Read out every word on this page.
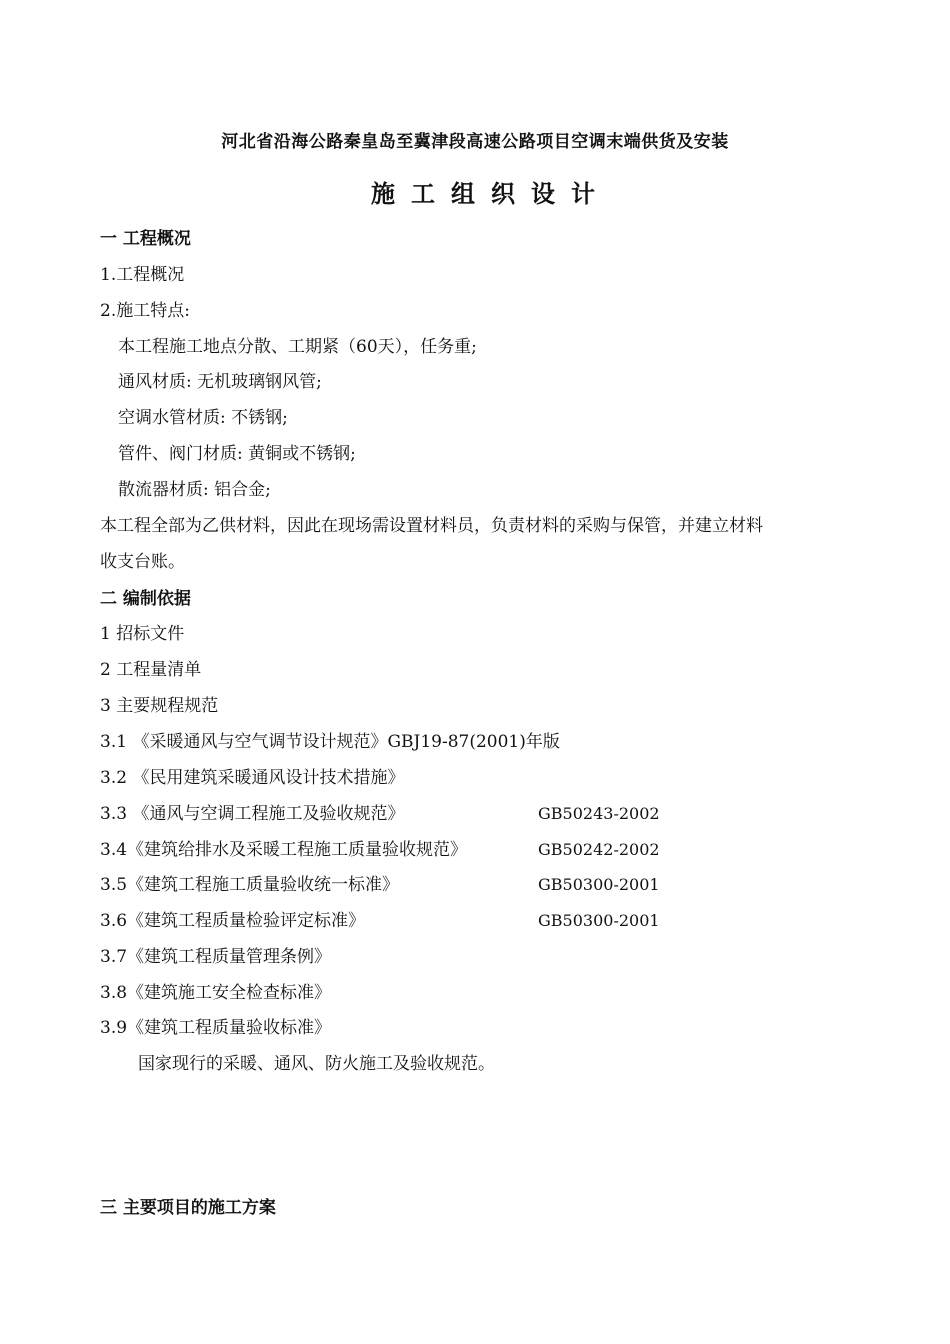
河北省沿海公路秦皇岛至冀津段高速公路项目空调末端供货及安装
施工组织设计
一 工程概况
1.工程概况
2.施工特点:
本工程施工地点分散、工期紧（60天），任务重;
通风材质: 无机玻璃钢风管;
空调水管材质: 不锈钢;
管件、阀门材质: 黄铜或不锈钢;
散流器材质: 铝合金;
本工程全部为乙供材料，因此在现场需设置材料员，负责材料的采购与保管，并建立材料
收支台账。
二 编制依据
1 招标文件
2 工程量清单
3 主要规程规范
3.1 《采暖通风与空气调节设计规范》GBJ19-87(2001)年版
3.2 《民用建筑采暖通风设计技术措施》
3.3 《通风与空调工程施工及验收规范》	GB50243-2002
3.4《建筑给排水及采暖工程施工质量验收规范》	GB50242-2002
3.5《建筑工程施工质量验收统一标准》	GB50300-2001
3.6《建筑工程质量检验评定标准》	GB50300-2001
3.7《建筑工程质量管理条例》
3.8《建筑施工安全检查标准》
3.9《建筑工程质量验收标准》
国家现行的采暖、通风、防火施工及验收规范。
三 主要项目的施工方案
